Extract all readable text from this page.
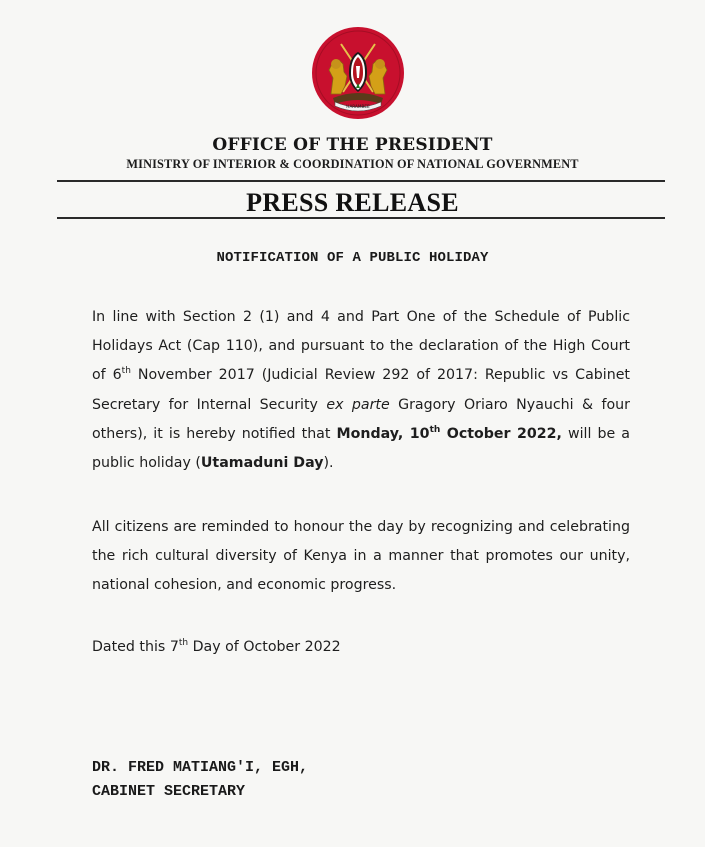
HARAMBEE
OFFICE OF THE PRESIDENT
MINISTRY OF INTERIOR & COORDINATION OF NATIONAL GOVERNMENT
PRESS RELEASE
NOTIFICATION OF A PUBLIC HOLIDAY
In line with Section 2 (1) and 4 and Part One of the Schedule of Public Holidays Act (Cap 110), and pursuant to the declaration of the High Court of 6th November 2017 (Judicial Review 292 of 2017: Republic vs Cabinet Secretary for Internal Security ex parte Gragory Oriaro Nyauchi & four others), it is hereby notified that Monday, 10th October 2022, will be a public holiday (Utamaduni Day).
All citizens are reminded to honour the day by recognizing and celebrating the rich cultural diversity of Kenya in a manner that promotes our unity, national cohesion, and economic progress.
Dated this 7th Day of October 2022
DR. FRED MATIANG'I, EGH,
CABINET SECRETARY
